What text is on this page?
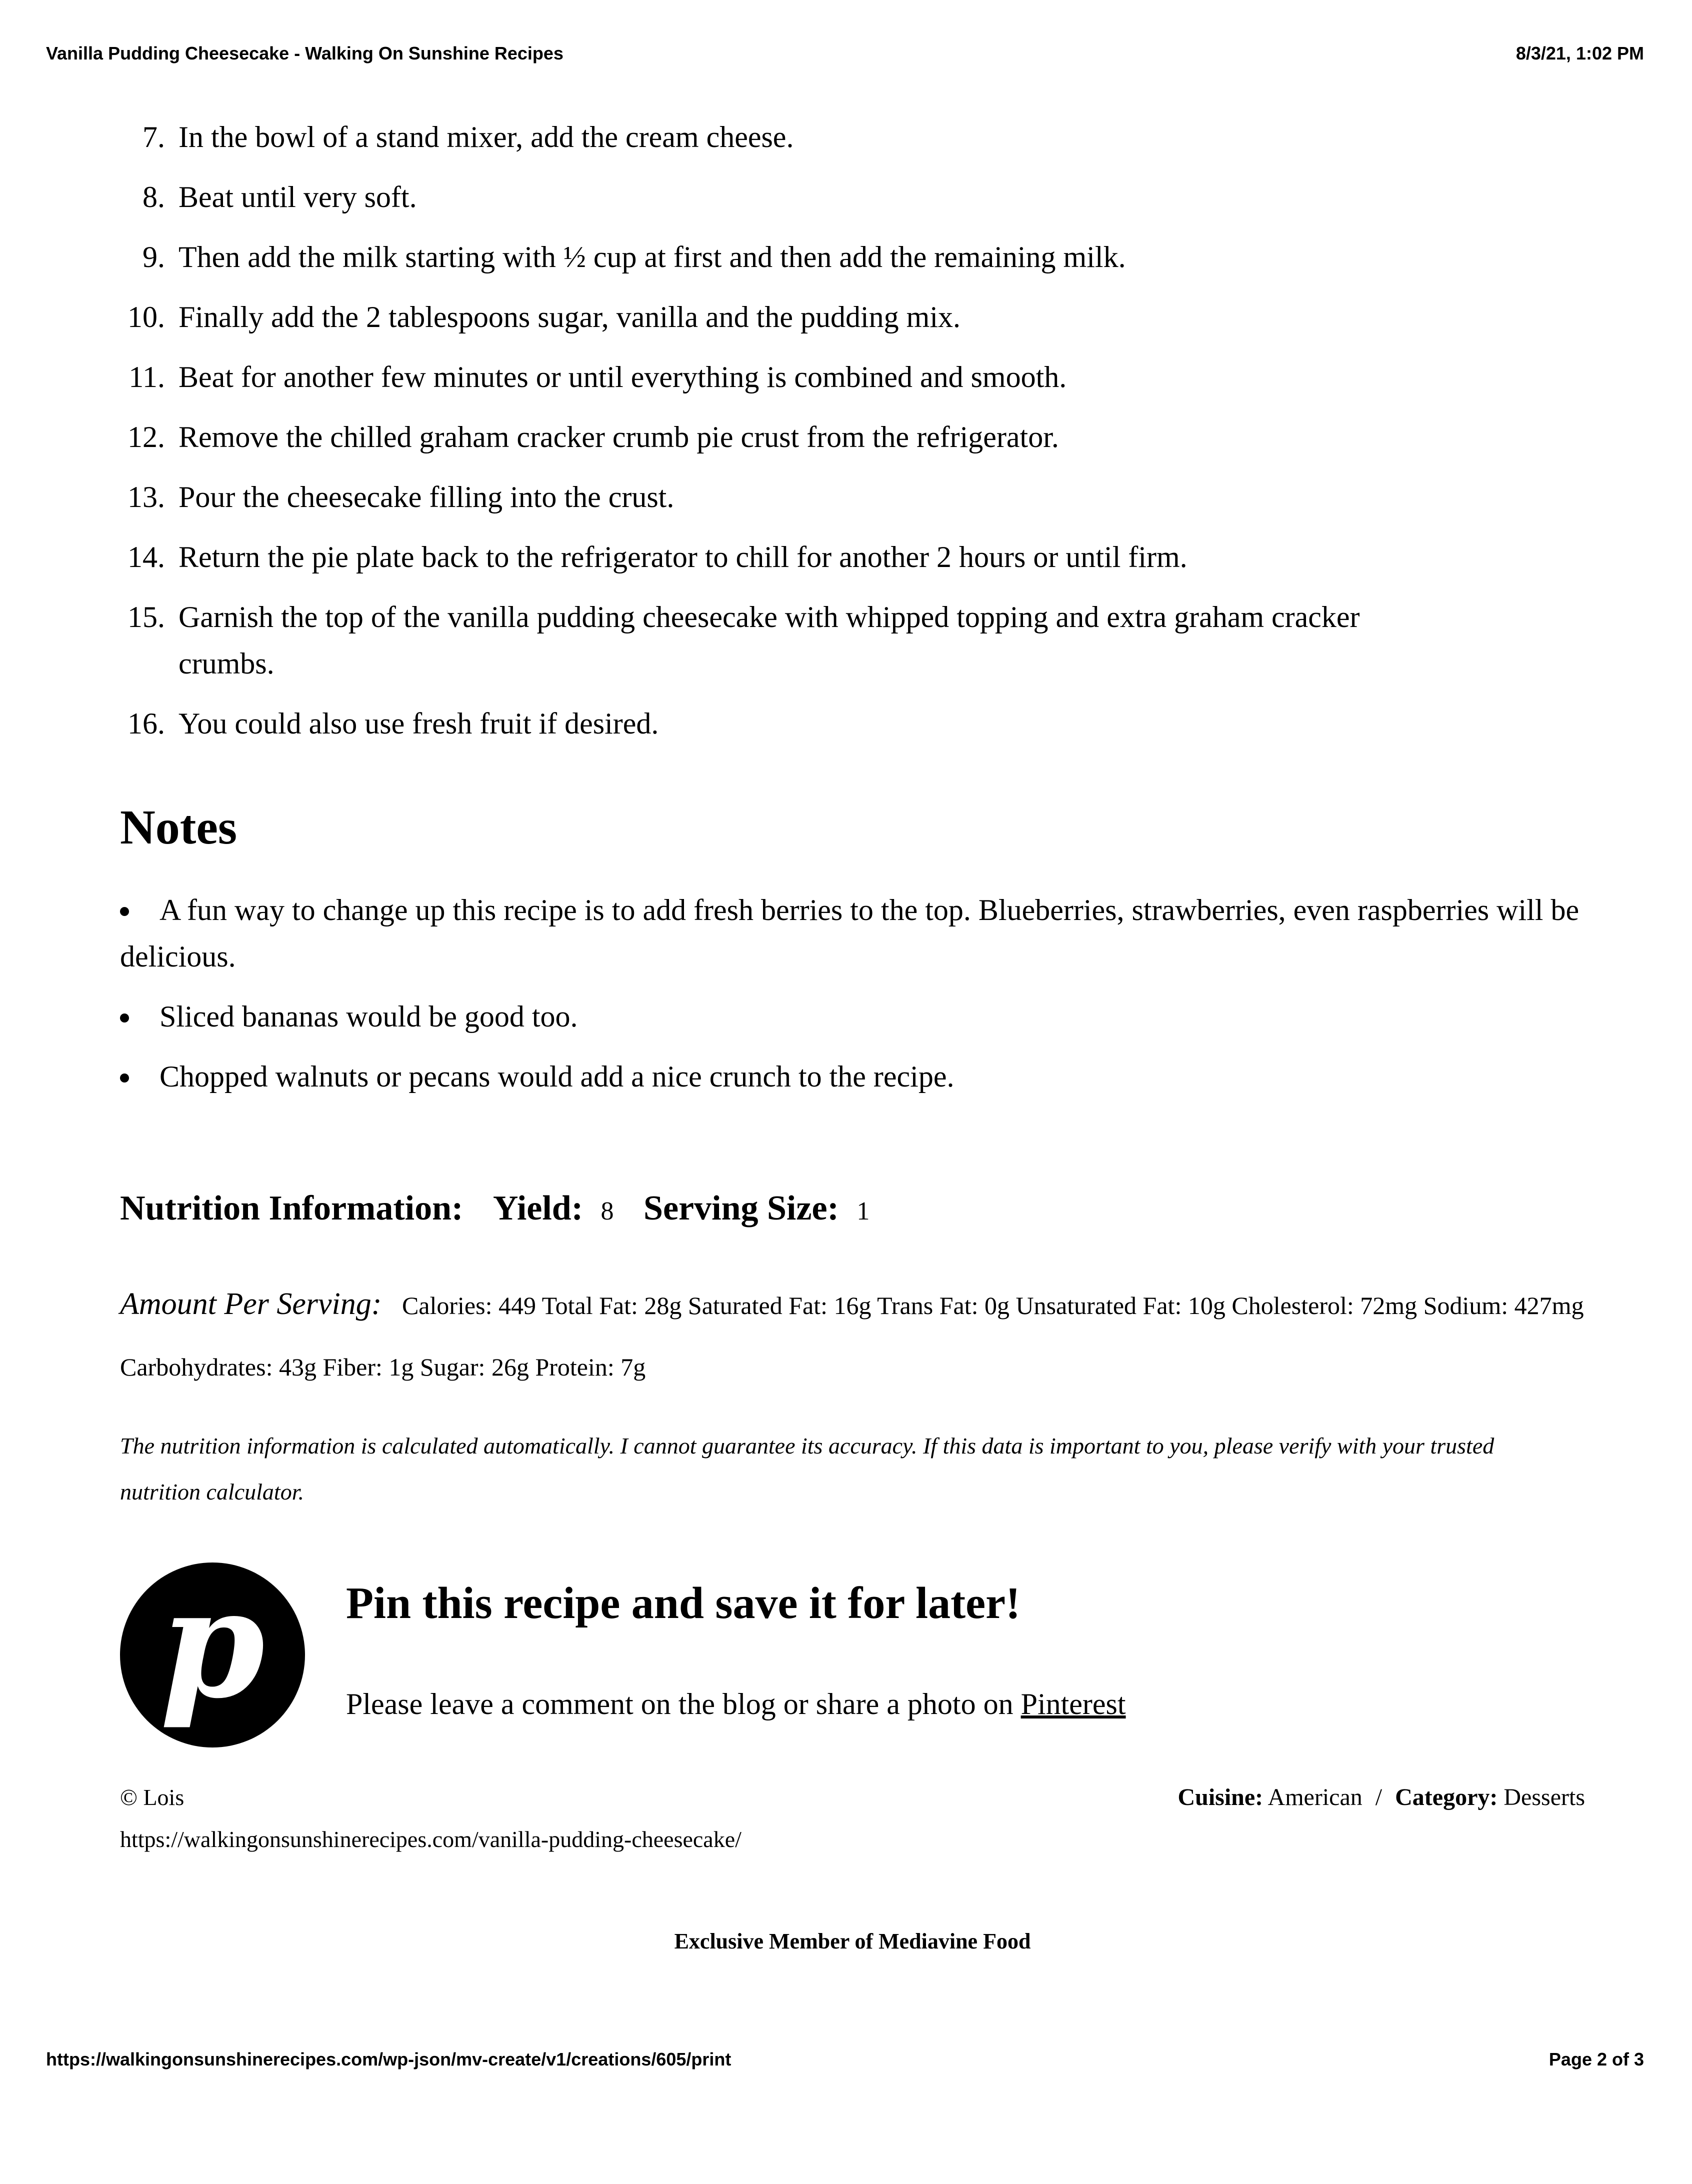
Vanilla Pudding Cheesecake - Walking On Sunshine Recipes	8/3/21, 1:02 PM
7. In the bowl of a stand mixer, add the cream cheese.
8. Beat until very soft.
9. Then add the milk starting with ½ cup at first and then add the remaining milk.
10. Finally add the 2 tablespoons sugar, vanilla and the pudding mix.
11. Beat for another few minutes or until everything is combined and smooth.
12. Remove the chilled graham cracker crumb pie crust from the refrigerator.
13. Pour the cheesecake filling into the crust.
14. Return the pie plate back to the refrigerator to chill for another 2 hours or until firm.
15. Garnish the top of the vanilla pudding cheesecake with whipped topping and extra graham cracker crumbs.
16. You could also use fresh fruit if desired.
Notes
• A fun way to change up this recipe is to add fresh berries to the top. Blueberries, strawberries, even raspberries will be delicious.
• Sliced bananas would be good too.
• Chopped walnuts or pecans would add a nice crunch to the recipe.
Nutrition Information: Yield: 8 Serving Size: 1

Amount Per Serving: Calories: 449 Total Fat: 28g Saturated Fat: 16g Trans Fat: 0g Unsaturated Fat: 10g Cholesterol: 72mg Sodium: 427mg Carbohydrates: 43g Fiber: 1g Sugar: 26g Protein: 7g

The nutrition information is calculated automatically. I cannot guarantee its accuracy. If this data is important to you, please verify with your trusted nutrition calculator.

p
Pin this recipe and save it for later!

Please leave a comment on the blog or share a photo on Pinterest

© Lois	Cuisine: American / Category: Desserts
https://walkingonsunshinerecipes.com/vanilla-pudding-cheesecake/
Exclusive Member of Mediavine Food
https://walkingonsunshinerecipes.com/wp-json/mv-create/v1/creations/605/print	Page 2 of 3
